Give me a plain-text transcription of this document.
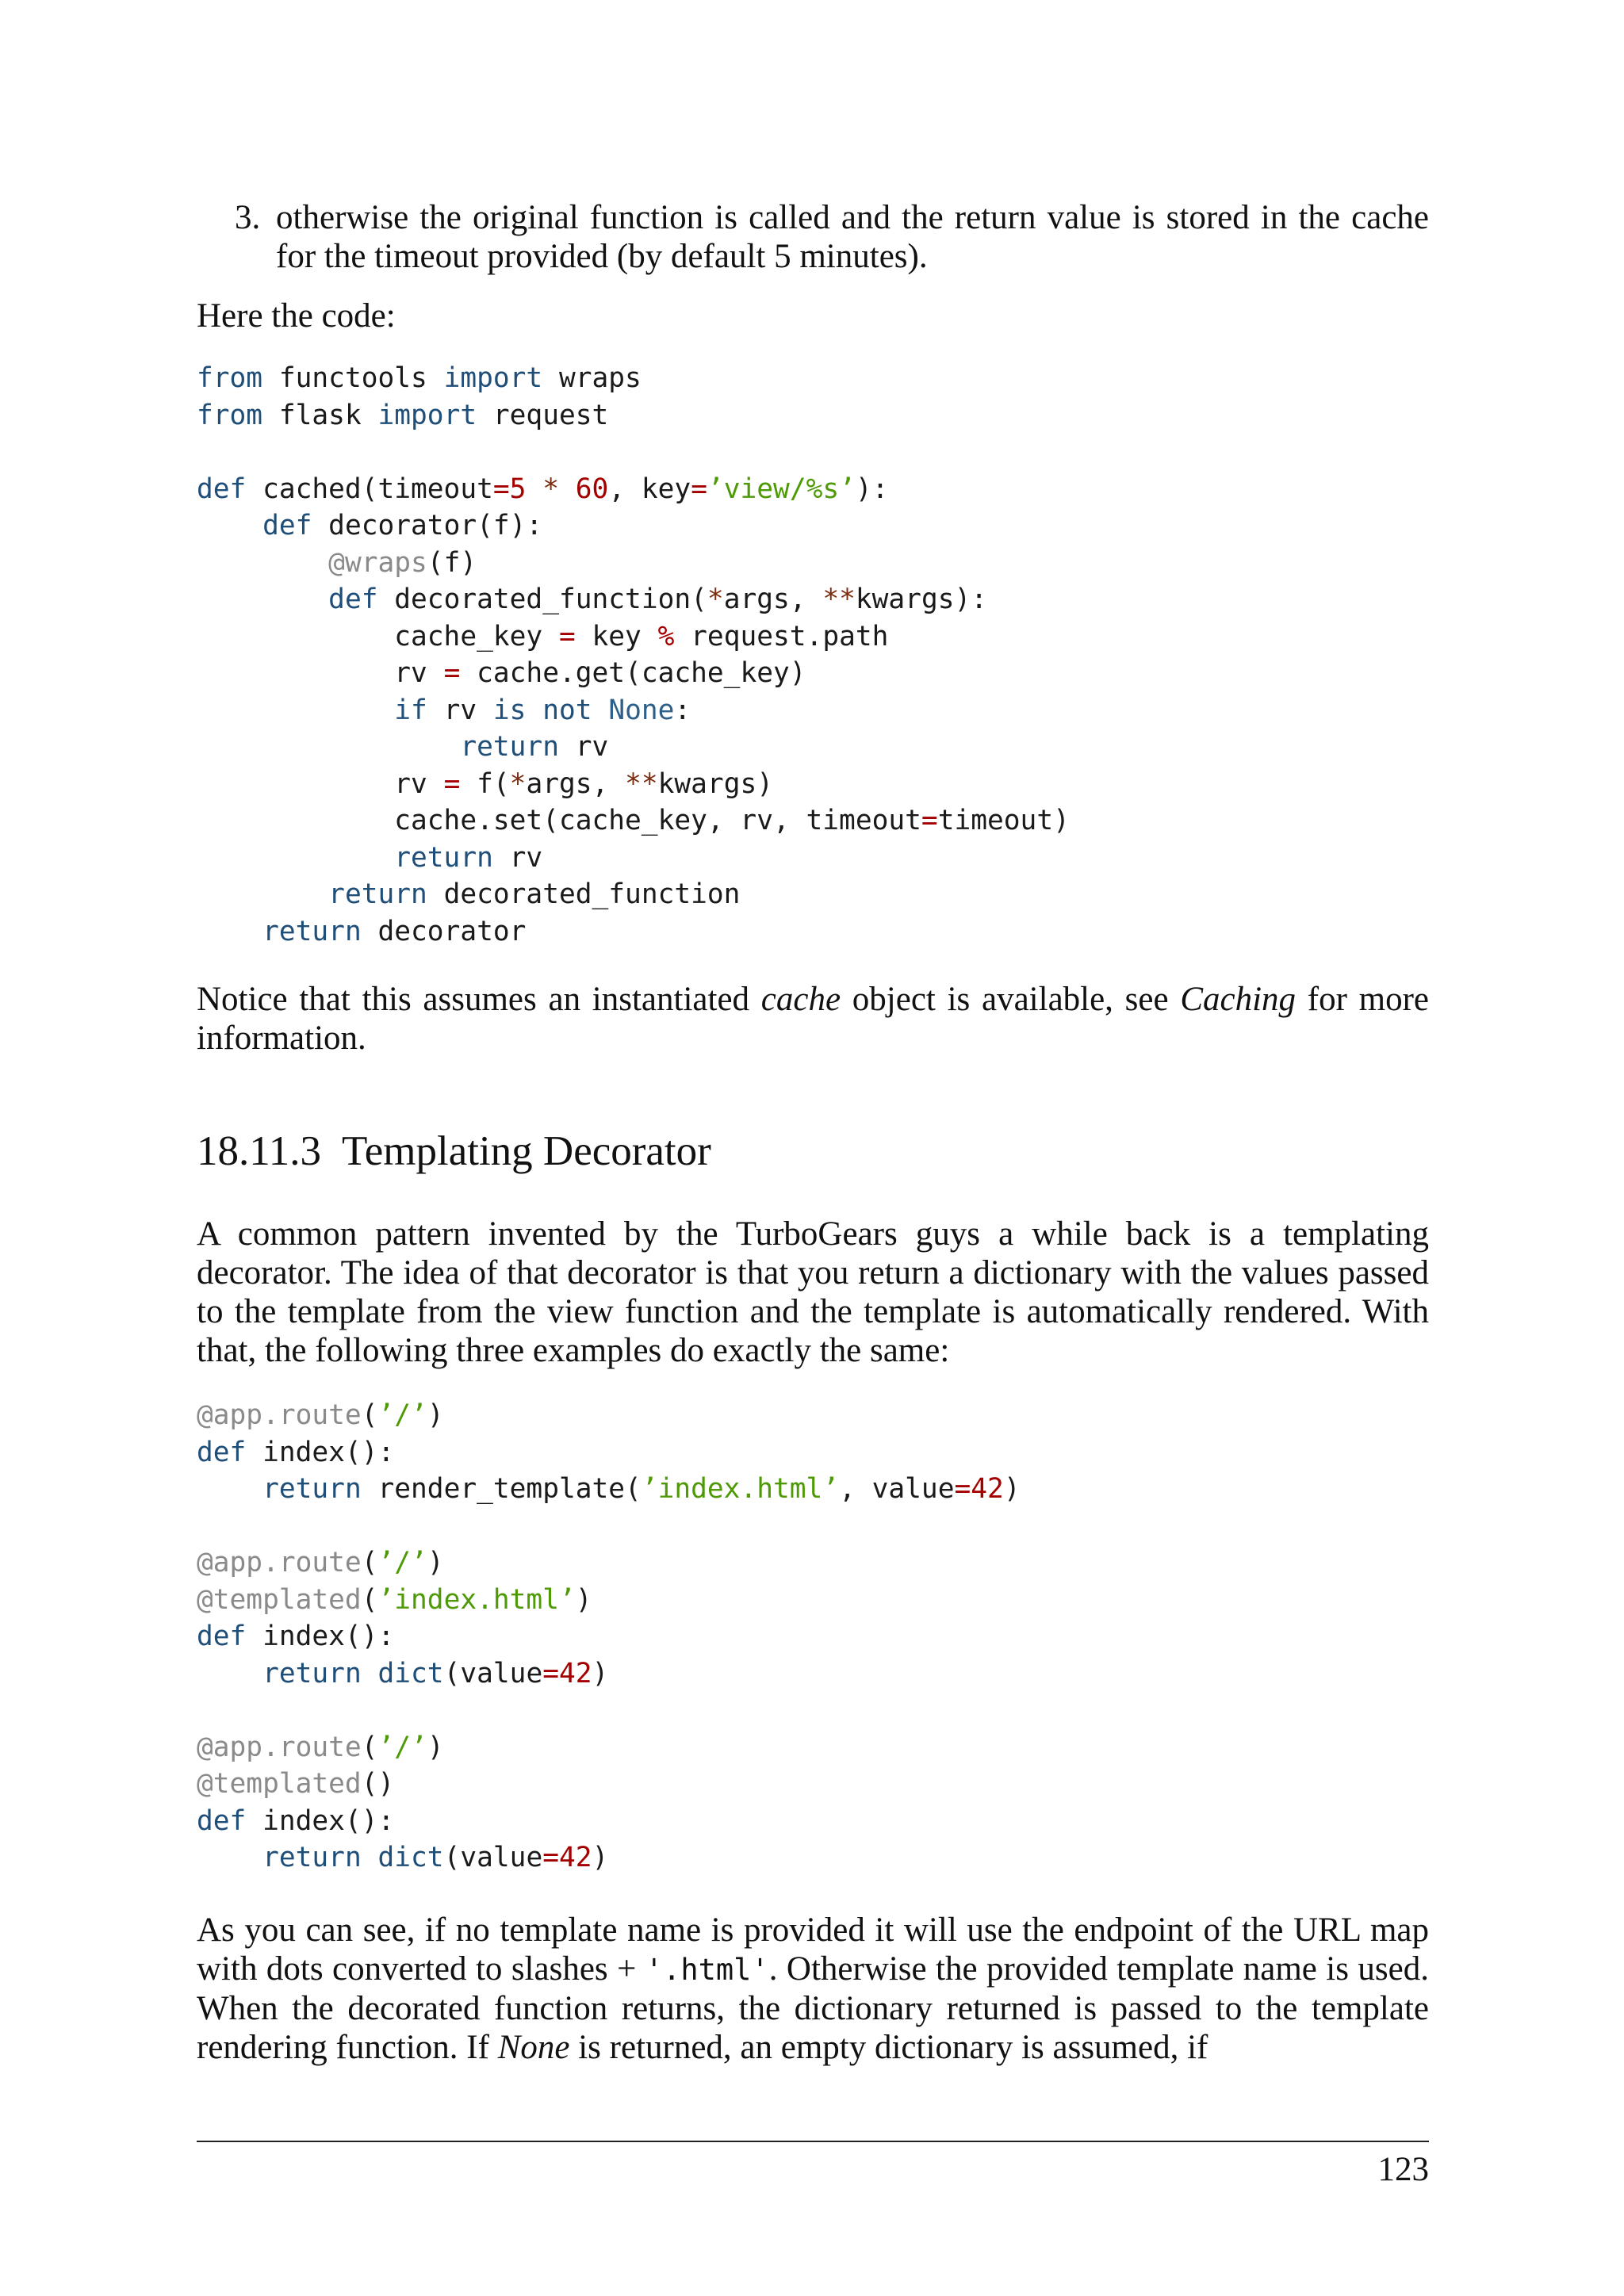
3. otherwise the original function is called and the return value is stored in the cache for the timeout provided (by default 5 minutes).
Here the code:
from functools import wraps
from flask import request

def cached(timeout=5 * 60, key=’view/%s’):
def decorator(f):
@wraps(f)
def decorated_function(*args, **kwargs):
cache_key = key % request.path
rv = cache.get(cache_key)
if rv is not None:
return rv
rv = f(*args, **kwargs)
cache.set(cache_key, rv, timeout=timeout)
return rv
return decorated_function
return decorator
Notice that this assumes an instantiated cache object is available, see Caching for more information.
18.11.3 Templating Decorator
A common pattern invented by the TurboGears guys a while back is a templating decorator. The idea of that decorator is that you return a dictionary with the values passed to the template from the view function and the template is automatically rendered. With that, the following three examples do exactly the same:
@app.route(’/’)
def index():
return render_template(’index.html’, value=42)

@app.route(’/’)
@templated(’index.html’)
def index():
return dict(value=42)

@app.route(’/’)
@templated()
def index():
return dict(value=42)
As you can see, if no template name is provided it will use the endpoint of the URL map with dots converted to slashes + '.html'. Otherwise the provided template name is used. When the decorated function returns, the dictionary returned is passed to the template rendering function. If None is returned, an empty dictionary is assumed, if
123
